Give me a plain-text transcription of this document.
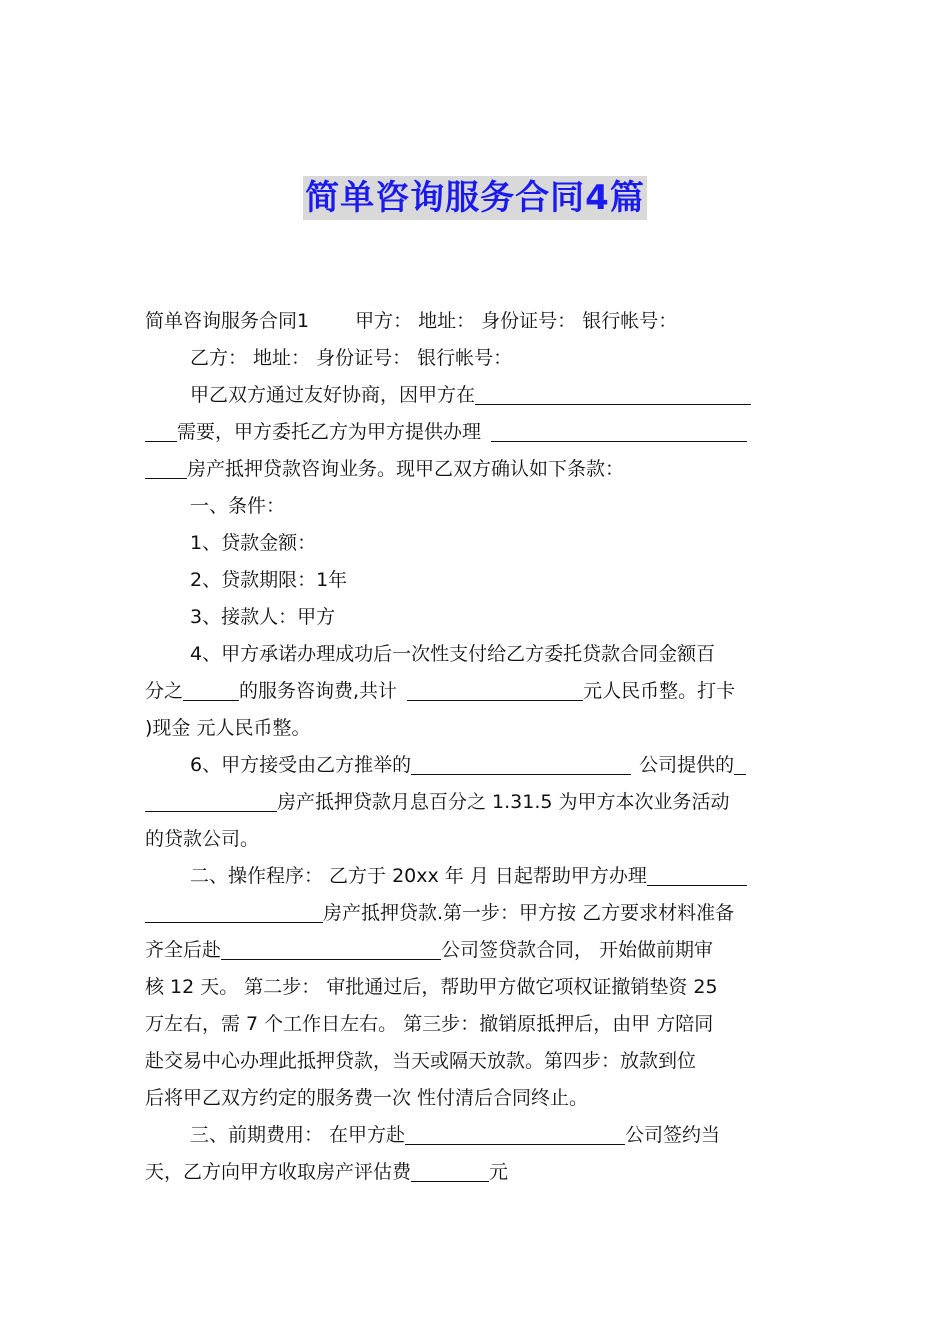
简单咨询服务合同4篇
简单咨询服务合同1 甲方： 地址： 身份证号： 银行帐号：
乙方： 地址： 身份证号： 银行帐号：
甲乙双方通过友好协商，因甲方在
需要，甲方委托乙方为甲方提供办理
房产抵押贷款咨询业务。现甲乙双方确认如下条款：
一、条件：
1、贷款金额：
2、贷款期限：1年
3、接款人：甲方
4、甲方承诺办理成功后一次性支付给乙方委托贷款合同金额百
分之	的服务咨询费,共计	元人民币整。打卡
)现金 元人民币整。
6、甲方接受由乙方推举的	公司提供的
房产抵押贷款月息百分之 1.31.5 为甲方本次业务活动
的贷款公司。
二、操作程序： 乙方于 20xx 年 月 日起帮助甲方办理
房产抵押贷款.第一步：甲方按 乙方要求材料准备
齐全后赴	公司签贷款合同， 开始做前期审
核 12 天。 第二步： 审批通过后，帮助甲方做它项权证撤销垫资 25
万左右，需 7 个工作日左右。 第三步：撤销原抵押后，由甲 方陪同
赴交易中心办理此抵押贷款，当天或隔天放款。第四步：放款到位
后将甲乙双方约定的服务费一次 性付清后合同终止。
三、前期费用： 在甲方赴	公司签约当
天，乙方向甲方收取房产评估费	元
